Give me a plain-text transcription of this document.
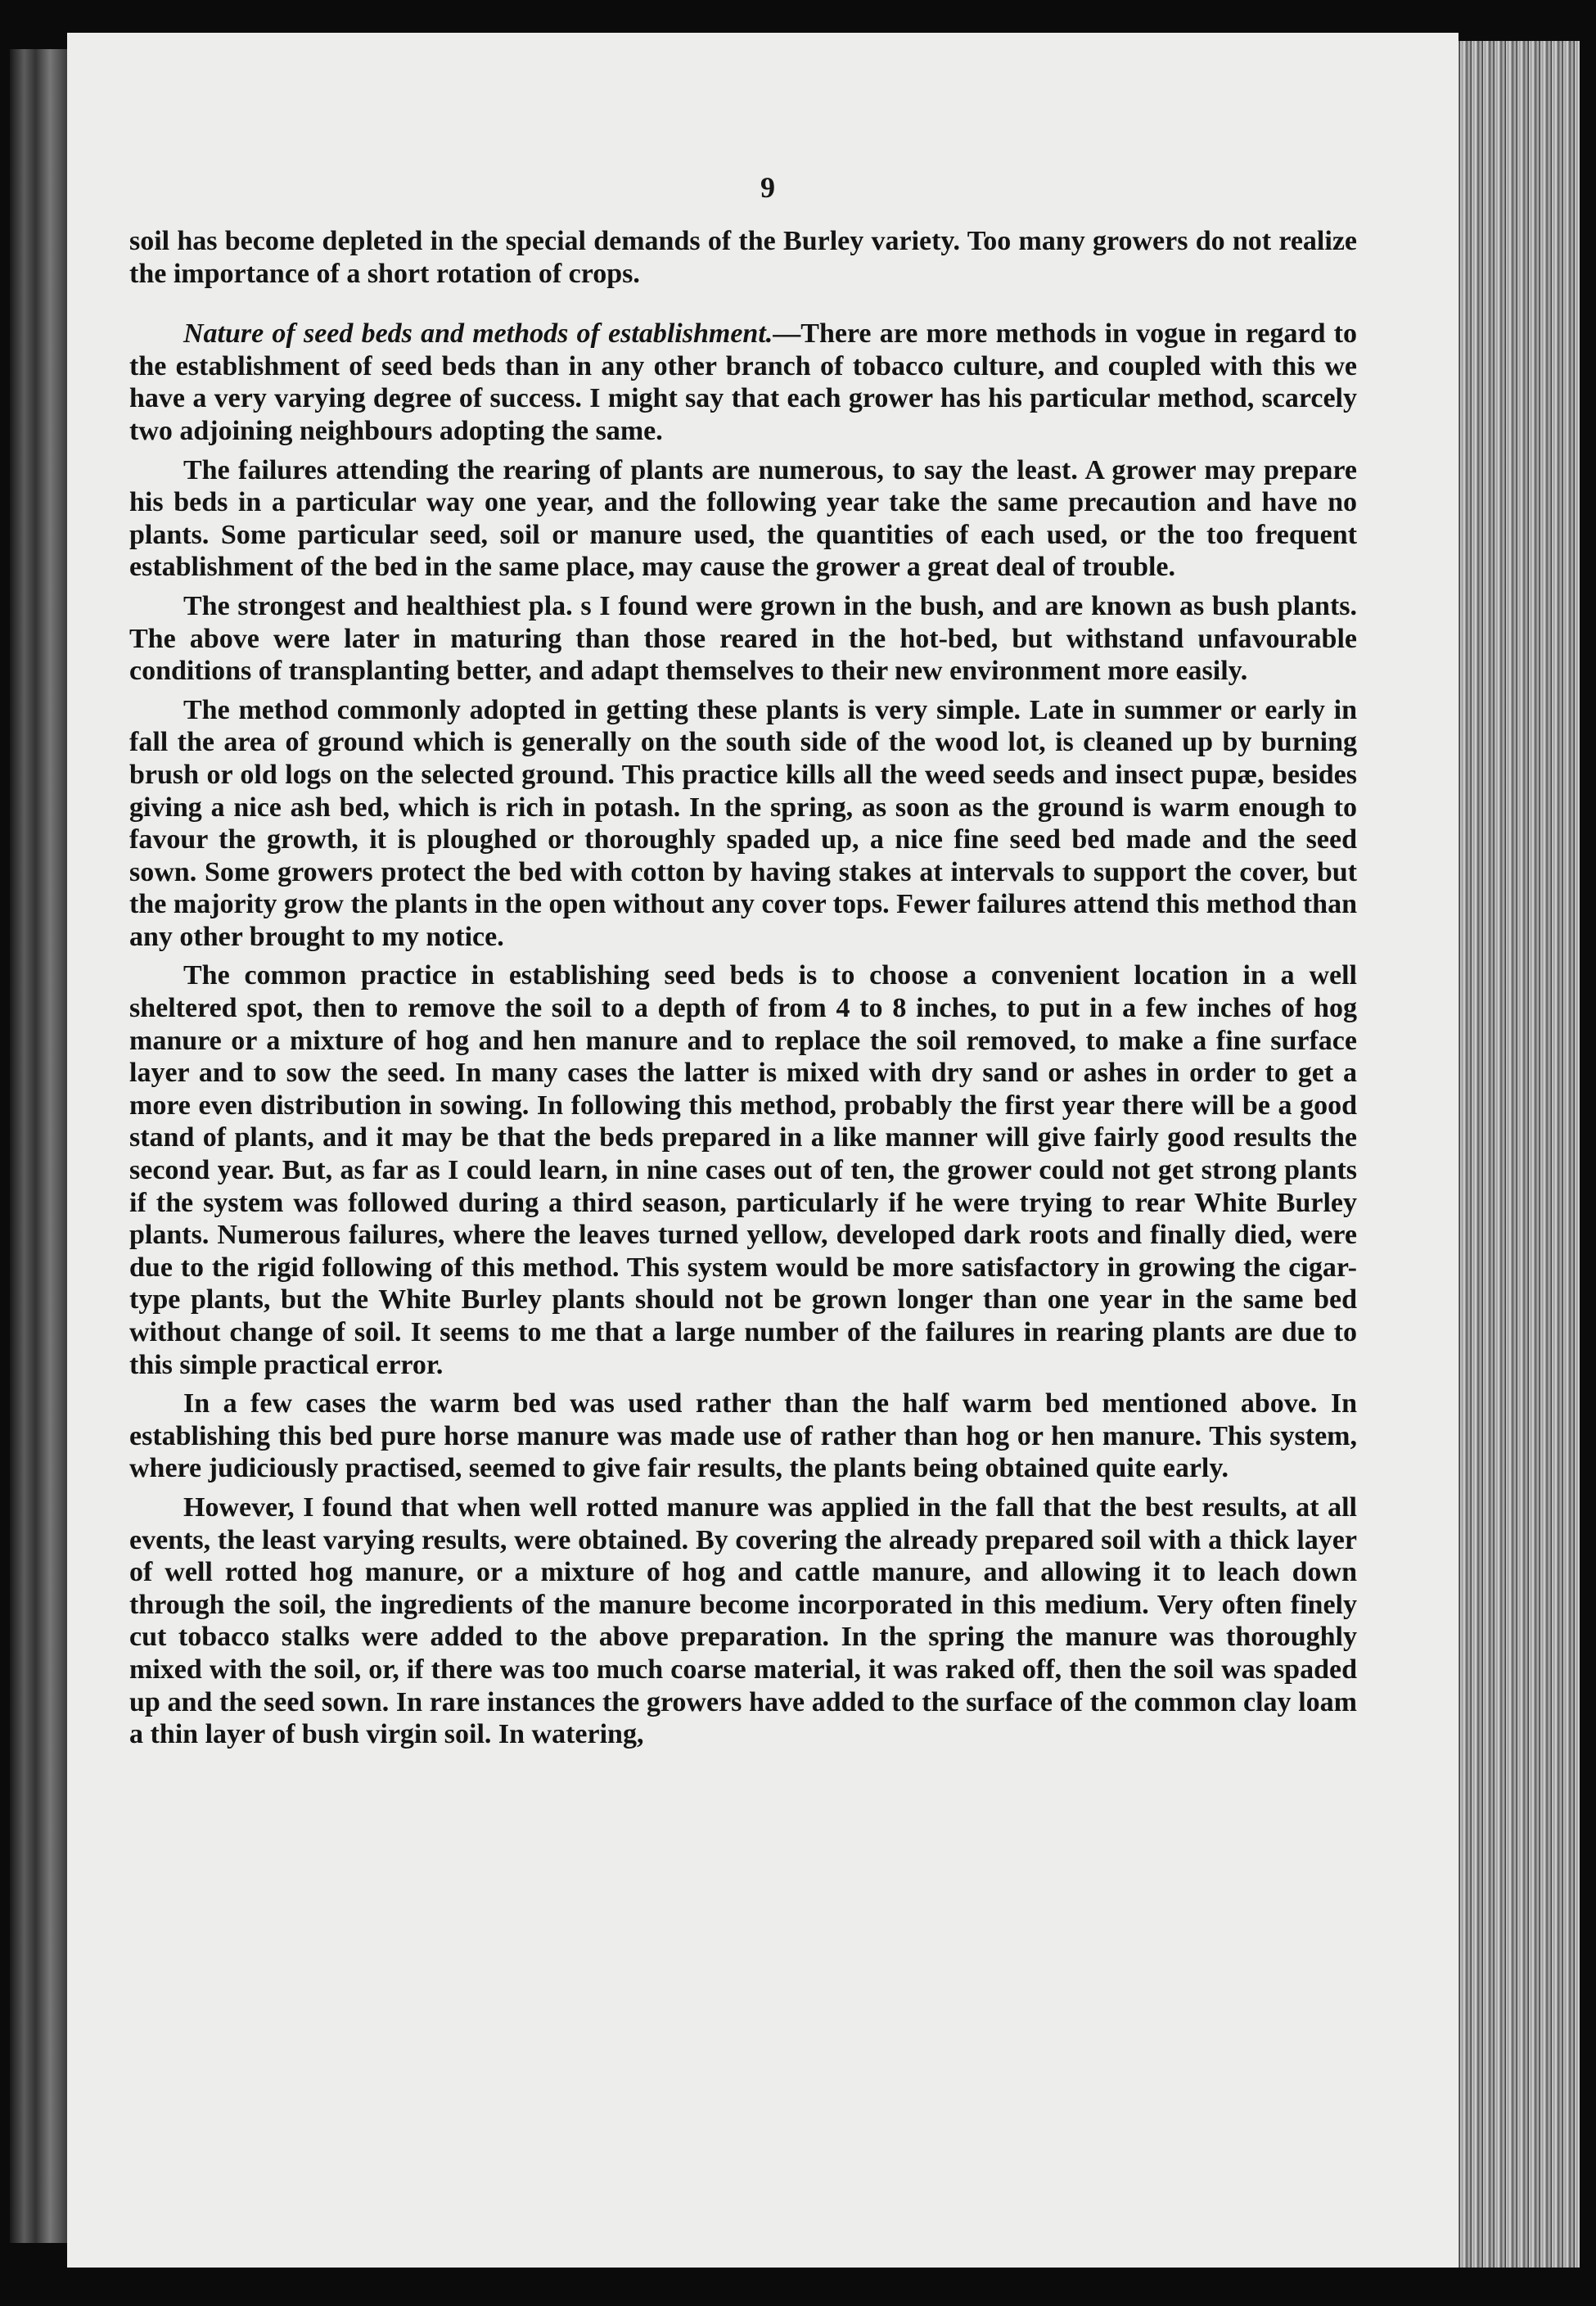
9

soil has become depleted in the special demands of the Burley variety. Too many growers do not realize the importance of a short rotation of crops.

Nature of seed beds and methods of establishment.—There are more methods in vogue in regard to the establishment of seed beds than in any other branch of tobacco culture, and coupled with this we have a very varying degree of success. I might say that each grower has his particular method, scarcely two adjoining neighbours adopting the same.

The failures attending the rearing of plants are numerous, to say the least. A grower may prepare his beds in a particular way one year, and the following year take the same precaution and have no plants. Some particular seed, soil or manure used, the quantities of each used, or the too frequent establishment of the bed in the same place, may cause the grower a great deal of trouble.

The strongest and healthiest pla. s I found were grown in the bush, and are known as bush plants. The above were later in maturing than those reared in the hot-bed, but withstand unfavourable conditions of transplanting better, and adapt themselves to their new environment more easily.

The method commonly adopted in getting these plants is very simple. Late in summer or early in fall the area of ground which is generally on the south side of the wood lot, is cleaned up by burning brush or old logs on the selected ground. This practice kills all the weed seeds and insect pupæ, besides giving a nice ash bed, which is rich in potash. In the spring, as soon as the ground is warm enough to favour the growth, it is ploughed or thoroughly spaded up, a nice fine seed bed made and the seed sown. Some growers protect the bed with cotton by having stakes at intervals to support the cover, but the majority grow the plants in the open without any cover tops. Fewer failures attend this method than any other brought to my notice.

The common practice in establishing seed beds is to choose a convenient location in a well sheltered spot, then to remove the soil to a depth of from 4 to 8 inches, to put in a few inches of hog manure or a mixture of hog and hen manure and to replace the soil removed, to make a fine surface layer and to sow the seed. In many cases the latter is mixed with dry sand or ashes in order to get a more even distribution in sowing. In following this method, probably the first year there will be a good stand of plants, and it may be that the beds prepared in a like manner will give fairly good results the second year. But, as far as I could learn, in nine cases out of ten, the grower could not get strong plants if the system was followed during a third season, particularly if he were trying to rear White Burley plants. Numerous failures, where the leaves turned yellow, developed dark roots and finally died, were due to the rigid following of this method. This system would be more satisfactory in growing the cigar-type plants, but the White Burley plants should not be grown longer than one year in the same bed without change of soil. It seems to me that a large number of the failures in rearing plants are due to this simple practical error.

In a few cases the warm bed was used rather than the half warm bed mentioned above. In establishing this bed pure horse manure was made use of rather than hog or hen manure. This system, where judiciously practised, seemed to give fair results, the plants being obtained quite early.

However, I found that when well rotted manure was applied in the fall that the best results, at all events, the least varying results, were obtained. By covering the already prepared soil with a thick layer of well rotted hog manure, or a mixture of hog and cattle manure, and allowing it to leach down through the soil, the ingredients of the manure become incorporated in this medium. Very often finely cut tobacco stalks were added to the above preparation. In the spring the manure was thoroughly mixed with the soil, or, if there was too much coarse material, it was raked off, then the soil was spaded up and the seed sown. In rare instances the growers have added to the surface of the common clay loam a thin layer of bush virgin soil. In watering,
